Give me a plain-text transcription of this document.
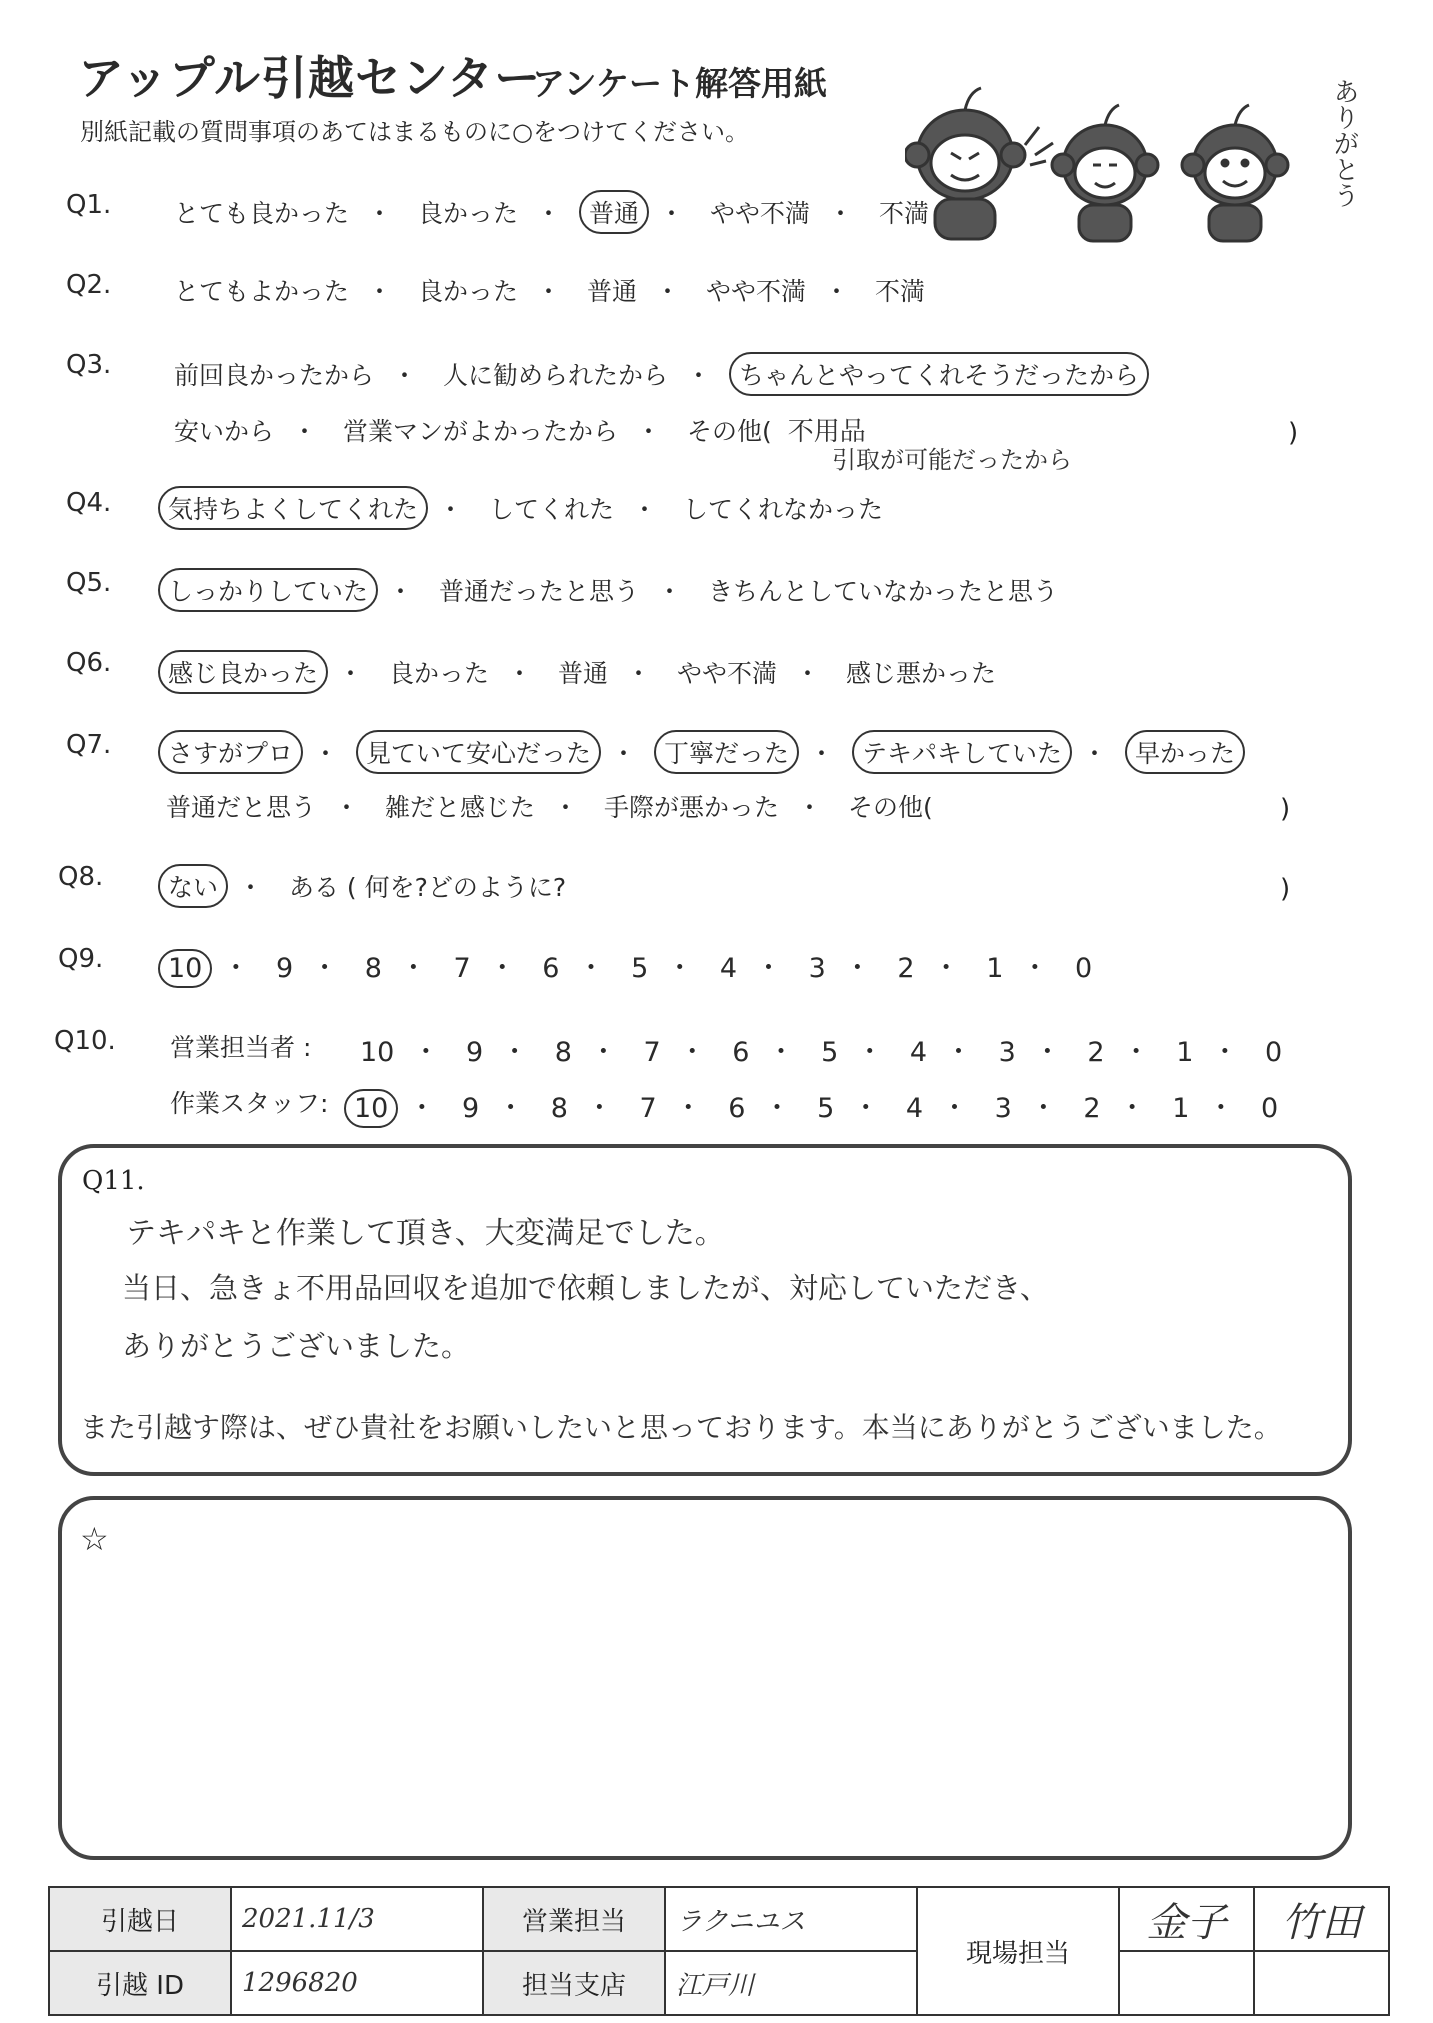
アップル引越センター
アンケート解答用紙
別紙記載の質問事項のあてはまるものに○をつけてください。	ありがとう
Q1.	とても良かった ・ 良かった ・ 普通 ・ やや不満 ・ 不満
Q2.	とてもよかった ・ 良かった ・ 普通 ・ やや不満 ・ 不満
Q3.	前回良かったから ・ 人に勧められたから ・ ちゃんとやってくれそうだったから
安いから ・ 営業マンがよかったから ・ その他( 不用品
引取が可能だったから
)
Q4.	気持ちよくしてくれた ・ してくれた ・ してくれなかった
Q5.	しっかりしていた ・ 普通だったと思う ・ きちんとしていなかったと思う
Q6.	感じ良かった ・ 良かった ・ 普通 ・ やや不満 ・ 感じ悪かった
Q7.	さすがプロ ・ 見ていて安心だった ・ 丁寧だった ・ テキパキしていた ・ 早かった
普通だと思う ・ 雑だと感じた ・ 手際が悪かった ・ その他(	)
Q8.	ない ・ ある ( 何を?どのように?	)
Q9.	10 ・ 9 ・ 8 ・ 7 ・ 6 ・ 5 ・ 4 ・ 3 ・ 2 ・ 1 ・ 0
Q10. 営業担当者 : 10 ・ 9 ・ 8 ・ 7 ・ 6 ・ 5 ・ 4 ・ 3 ・ 2 ・ 1 ・ 0
作業スタッフ: 10 ・ 9 ・ 8 ・ 7 ・ 6 ・ 5 ・ 4 ・ 3 ・ 2 ・ 1 ・ 0
Q11.
テキパキと作業して頂き、大変満足でした。
当日、急きょ不用品回収を追加で依頼しましたが、対応していただき、
ありがとうございました。
また引越す際は、ぜひ貴社をお願いしたいと思っております。本当にありがとうございました。
☆
引越日	2021.11/3	営業担当	ラクニユス	現場担当	金子	竹田
引越 ID	1296820	担当支店	江戸川			
